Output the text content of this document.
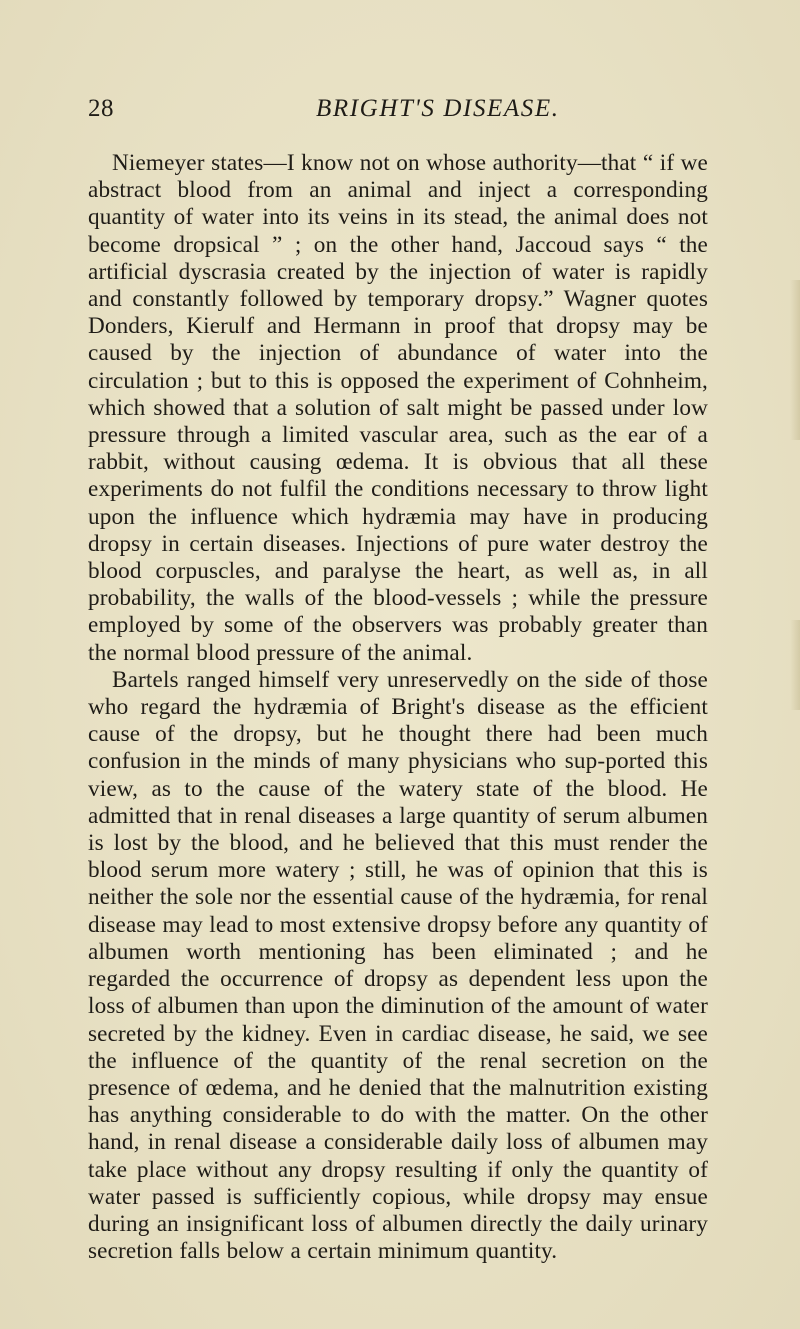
28	BRIGHT'S DISEASE.

Niemeyer states—I know not on whose authority—that “ if we abstract blood from an animal and inject a corresponding quantity of water into its veins in its stead, the animal does not become dropsical ” ; on the other hand, Jaccoud says “ the artificial dyscrasia created by the injection of water is rapidly and constantly followed by temporary dropsy.” Wagner quotes Donders, Kierulf and Hermann in proof that dropsy may be caused by the injection of abundance of water into the circulation ; but to this is opposed the experiment of Cohnheim, which showed that a solution of salt might be passed under low pressure through a limited vascular area, such as the ear of a rabbit, without causing œdema. It is obvious that all these experiments do not fulfil the conditions necessary to throw light upon the influence which hydræmia may have in producing dropsy in certain diseases. Injections of pure water destroy the blood corpuscles, and paralyse the heart, as well as, in all probability, the walls of the blood-vessels ; while the pressure employed by some of the observers was probably greater than the normal blood pressure of the animal.

Bartels ranged himself very unreservedly on the side of those who regard the hydræmia of Bright's disease as the efficient cause of the dropsy, but he thought there had been much confusion in the minds of many physicians who sup-ported this view, as to the cause of the watery state of the blood. He admitted that in renal diseases a large quantity of serum albumen is lost by the blood, and he believed that this must render the blood serum more watery ; still, he was of opinion that this is neither the sole nor the essential cause of the hydræmia, for renal disease may lead to most extensive dropsy before any quantity of albumen worth mentioning has been eliminated ; and he regarded the occurrence of dropsy as dependent less upon the loss of albumen than upon the diminution of the amount of water secreted by the kidney. Even in cardiac disease, he said, we see the influence of the quantity of the renal secretion on the presence of œdema, and he denied that the malnutrition existing has anything considerable to do with the matter. On the other hand, in renal disease a considerable daily loss of albumen may take place without any dropsy resulting if only the quantity of water passed is sufficiently copious, while dropsy may ensue during an insignificant loss of albumen directly the daily urinary secretion falls below a certain minimum quantity.
